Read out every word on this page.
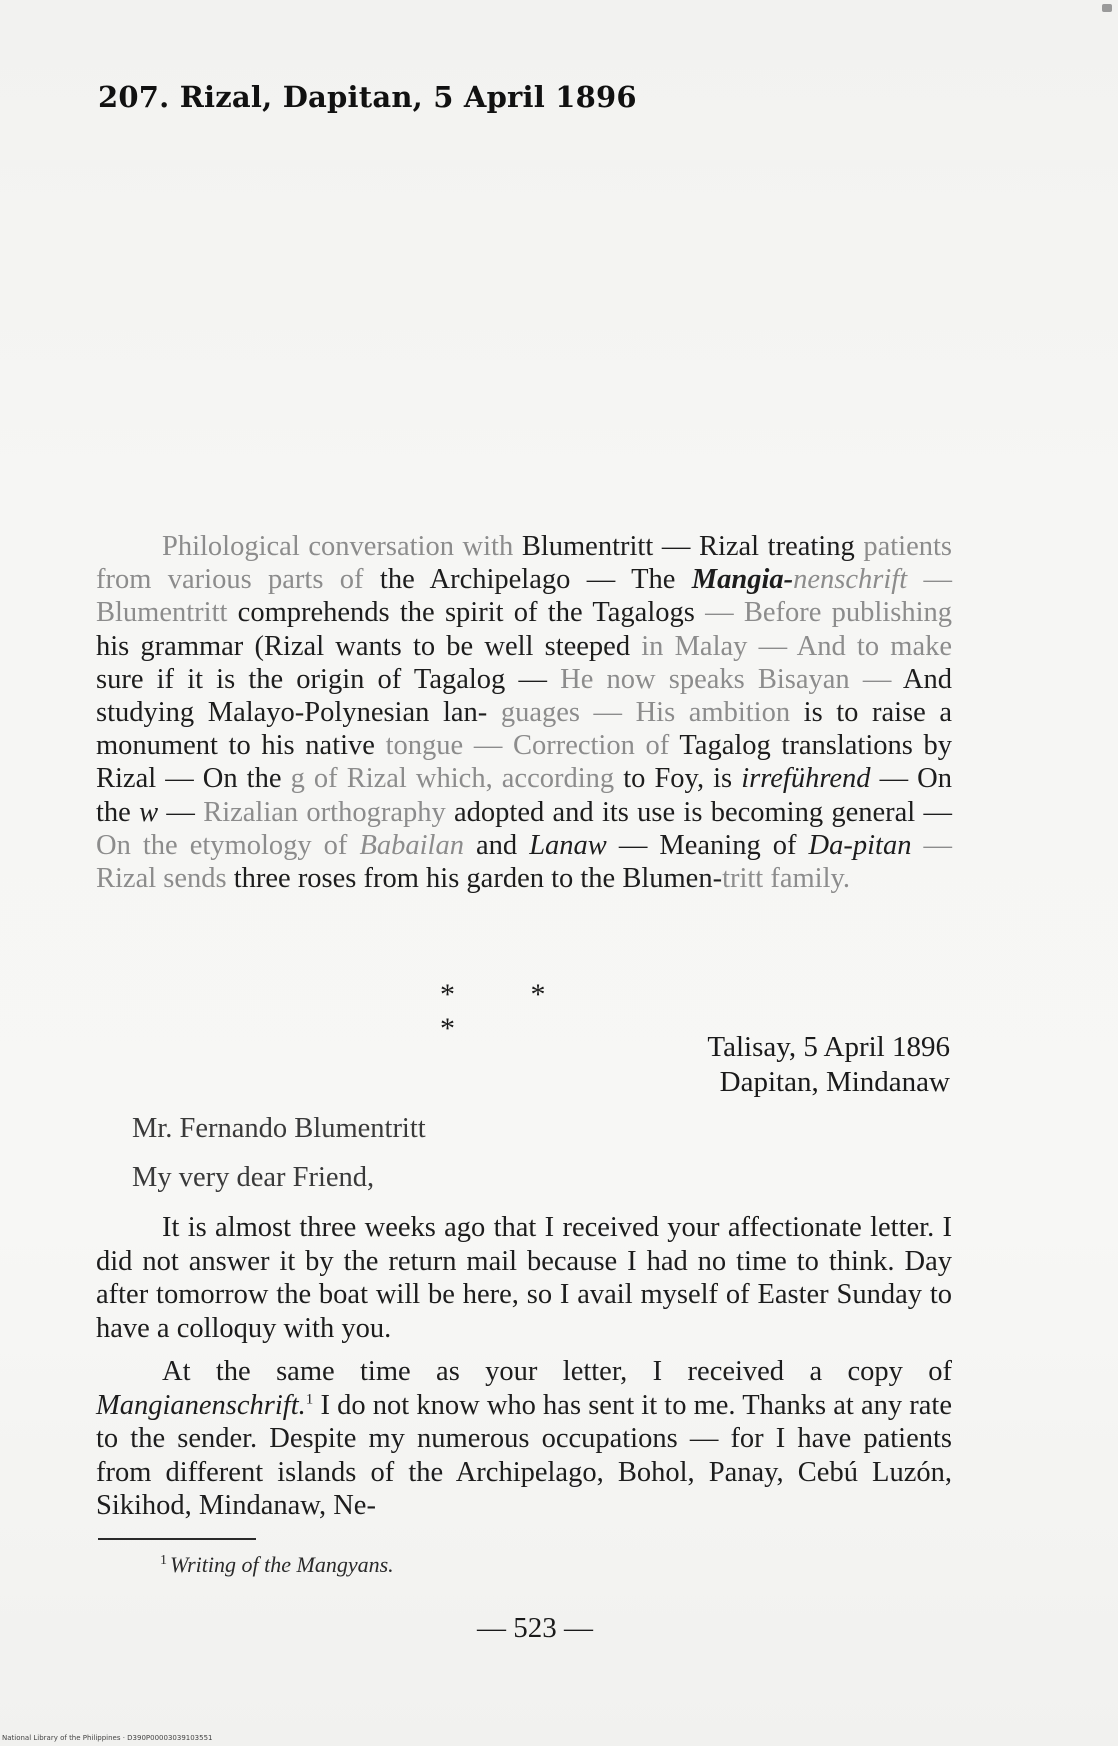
207. Rizal, Dapitan, 5 April 1896

Philological conversation with Blumentritt — Rizal treating patients from various parts of the Archipelago — The Mangia-nenschrift — Blumentritt comprehends the spirit of the Tagalogs — Before publishing his grammar (Rizal wants to be well steeped in Malay — And to make sure if it is the origin of Tagalog — He now speaks Bisayan — And studying Malayo-Polynesian lan- guages — His ambition is to raise a monument to his native tongue — Correction of Tagalog translations by Rizal — On the g of Rizal which, according to Foy, is irreführend — On the w — Rizalian orthography adopted and its use is becoming general — On the etymology of Babailan and Lanaw — Meaning of Da-pitan — Rizal sends three roses from his garden to the Blumen-tritt family.

* * *
Talisay, 5 April 1896
Dapitan, Mindanaw
Mr. Fernando Blumentritt
My very dear Friend,

It is almost three weeks ago that I received your affectionate letter. I did not answer it by the return mail because I had no time to think. Day after tomorrow the boat will be here, so I avail myself of Easter Sunday to have a colloquy with you.

At the same time as your letter, I received a copy of Mangianenschrift.$^1$ I do not know who has sent it to me. Thanks at any rate to the sender. Despite my numerous occupations — for I have patients from different islands of the Archipelago, Bohol, Panay, Cebú Luzón, Sikihod, Mindanaw, Ne-

$^1$ Writing of the Mangyans.
— 523 —
National Library of the Philippines · D390P00003039103551
